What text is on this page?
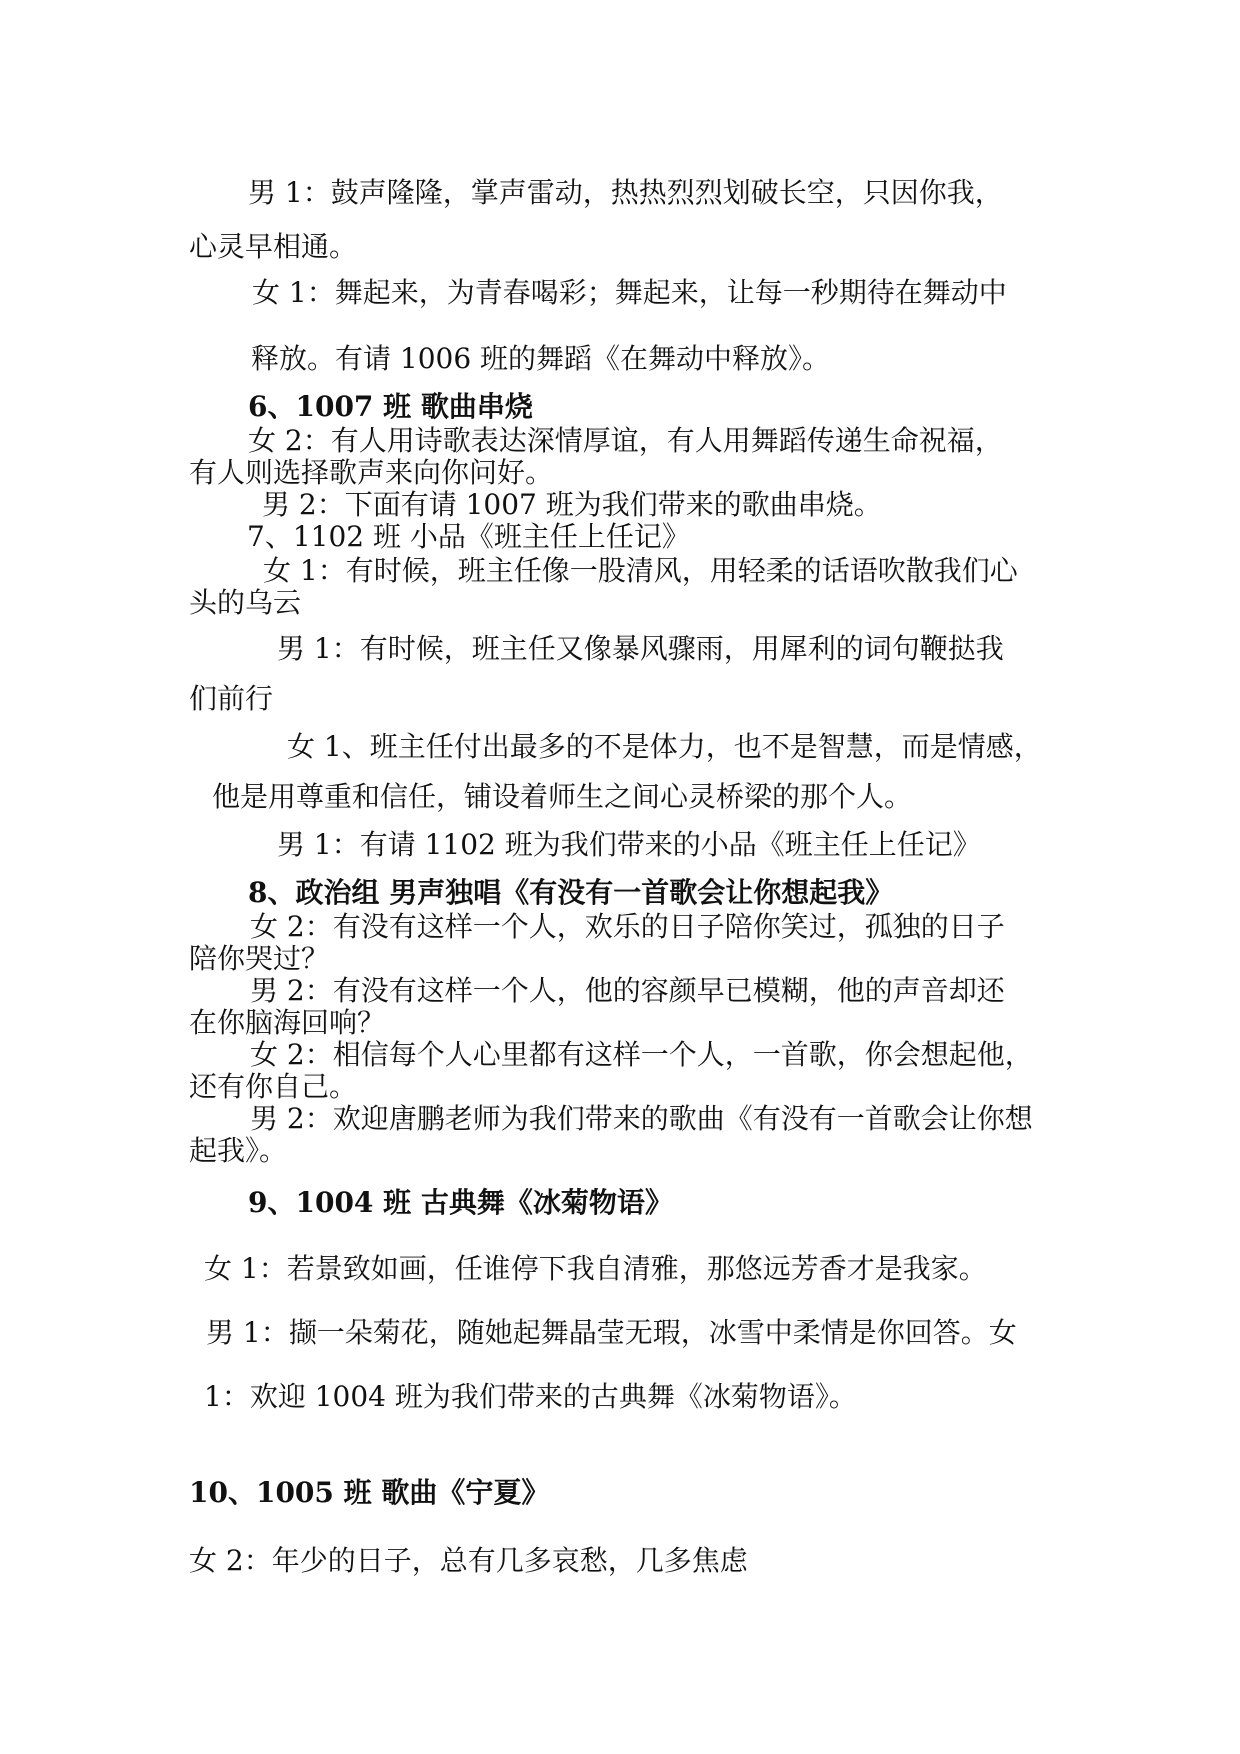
男 1：鼓声隆隆，掌声雷动，热热烈烈划破长空，只因你我，
心灵早相通。
女 1：舞起来，为青春喝彩；舞起来，让每一秒期待在舞动中
释放。有请 1006 班的舞蹈《在舞动中释放》。
6、1007 班 歌曲串烧
女 2：有人用诗歌表达深情厚谊，有人用舞蹈传递生命祝福，
有人则选择歌声来向你问好。
男 2：下面有请 1007 班为我们带来的歌曲串烧。
7、1102 班 小品《班主任上任记》
女 1：有时候，班主任像一股清风，用轻柔的话语吹散我们心
头的乌云
男 1：有时候，班主任又像暴风骤雨，用犀利的词句鞭挞我
们前行
女 1、班主任付出最多的不是体力，也不是智慧，而是情感，
他是用尊重和信任，铺设着师生之间心灵桥梁的那个人。
男 1：有请 1102 班为我们带来的小品《班主任上任记》
8、政治组 男声独唱《有没有一首歌会让你想起我》
女 2：有没有这样一个人，欢乐的日子陪你笑过，孤独的日子
陪你哭过？
男 2：有没有这样一个人，他的容颜早已模糊，他的声音却还
在你脑海回响？
女 2：相信每个人心里都有这样一个人，一首歌，你会想起他，
还有你自己。
男 2：欢迎唐鹏老师为我们带来的歌曲《有没有一首歌会让你想
起我》。
9、1004 班 古典舞《冰菊物语》
女 1：若景致如画，任谁停下我自清雅，那悠远芳香才是我家。
男 1：撷一朵菊花，随她起舞晶莹无瑕，冰雪中柔情是你回答。女
1：欢迎 1004 班为我们带来的古典舞《冰菊物语》。
10、1005 班 歌曲《宁夏》
女 2：年少的日子，总有几多哀愁，几多焦虑
